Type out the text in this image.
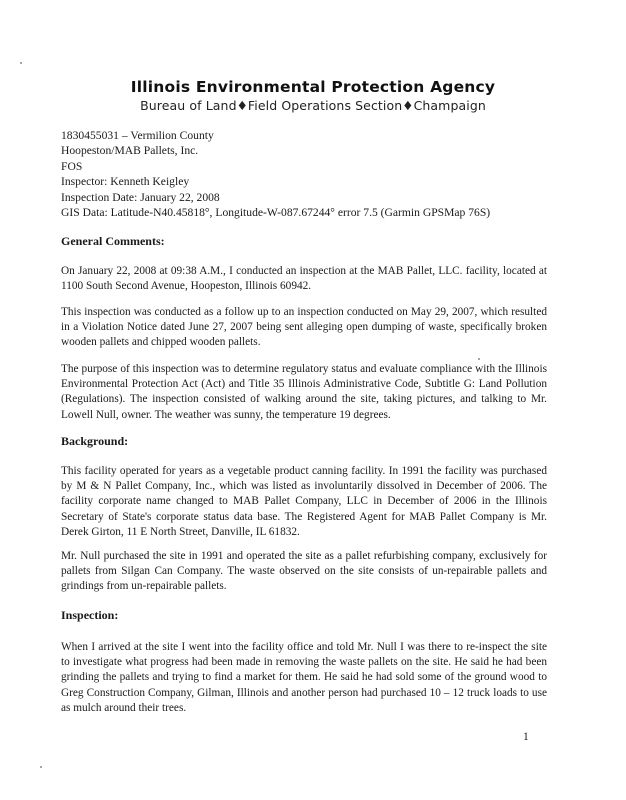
Illinois Environmental Protection Agency
Bureau of Land♦Field Operations Section♦Champaign
1830455031 – Vermilion County
Hoopeston/MAB Pallets, Inc.
FOS
Inspector: Kenneth Keigley
Inspection Date: January 22, 2008
GIS Data: Latitude-N40.45818°, Longitude-W-087.67244° error 7.5 (Garmin GPSMap 76S)
General Comments:
On January 22, 2008 at 09:38 A.M., I conducted an inspection at the MAB Pallet, LLC. facility, located at 1100 South Second Avenue, Hoopeston, Illinois 60942.
This inspection was conducted as a follow up to an inspection conducted on May 29, 2007, which resulted in a Violation Notice dated June 27, 2007 being sent alleging open dumping of waste, specifically broken wooden pallets and chipped wooden pallets.
The purpose of this inspection was to determine regulatory status and evaluate compliance with the Illinois Environmental Protection Act (Act) and Title 35 Illinois Administrative Code, Subtitle G: Land Pollution (Regulations). The inspection consisted of walking around the site, taking pictures, and talking to Mr. Lowell Null, owner. The weather was sunny, the temperature 19 degrees.
Background:
This facility operated for years as a vegetable product canning facility. In 1991 the facility was purchased by M & N Pallet Company, Inc., which was listed as involuntarily dissolved in December of 2006. The facility corporate name changed to MAB Pallet Company, LLC in December of 2006 in the Illinois Secretary of State's corporate status data base. The Registered Agent for MAB Pallet Company is Mr. Derek Girton, 11 E North Street, Danville, IL 61832.
Mr. Null purchased the site in 1991 and operated the site as a pallet refurbishing company, exclusively for pallets from Silgan Can Company. The waste observed on the site consists of un-repairable pallets and grindings from un-repairable pallets.
Inspection:
When I arrived at the site I went into the facility office and told Mr. Null I was there to re-inspect the site to investigate what progress had been made in removing the waste pallets on the site. He said he had been grinding the pallets and trying to find a market for them. He said he had sold some of the ground wood to Greg Construction Company, Gilman, Illinois and another person had purchased 10 – 12 truck loads to use as mulch around their trees.
1
